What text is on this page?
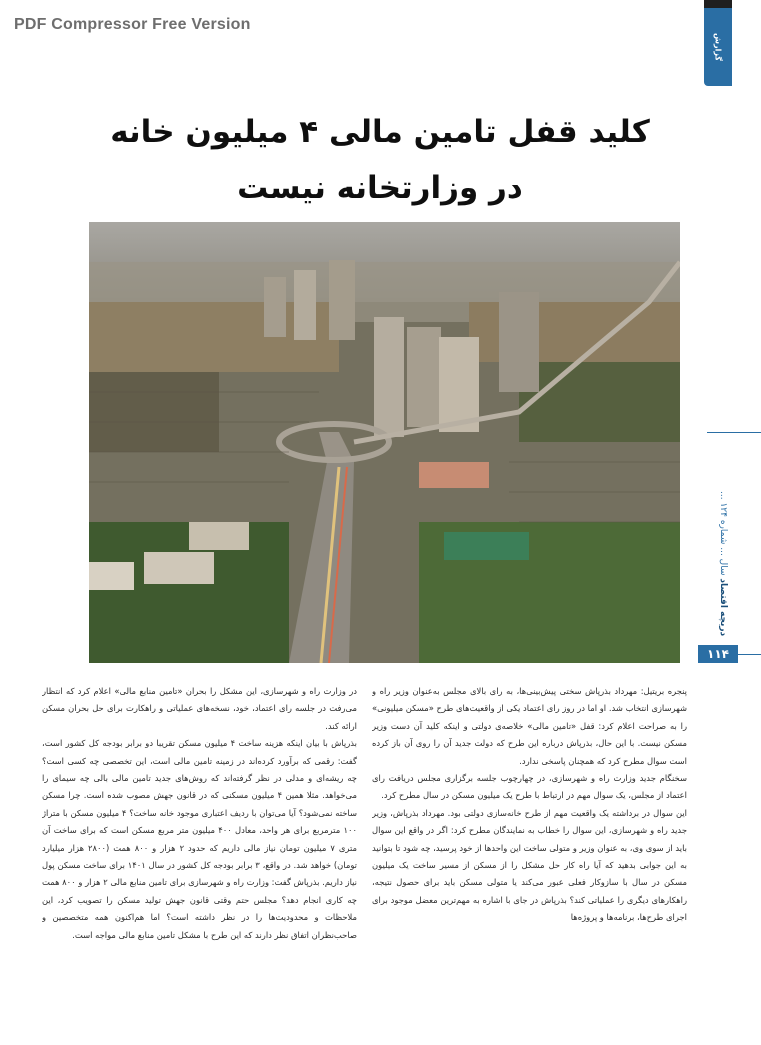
PDF Compressor Free Version
گزارش
کلید قفل تامین مالی ۴ میلیون خانه
در وزارتخانه نیست
دریچه اقتصاد سال ... شماره ۱۲۴ ...
۱۱۴

پنجره بریتیل: مهرداد بذرپاش سختی پیش‌بینی‌ها، به رای بالای مجلس به‌عنوان وزیر راه و شهرسازی انتخاب شد. او اما در روز رای اعتماد یکی از واقعیت‌های طرح «مسکن میلیونی» را به صراحت اعلام کرد: قفل «تامین مالی» خلاصه‌ی دولتی و اینکه کلید آن دست وزیر مسکن نیست. با این حال، بذرپاش درباره این طرح که دولت جدید آن را روی آن باز کرده است سوال مطرح کرد که همچنان پاسخی ندارد.

سخنگام جدید وزارت راه و شهرسازی، در چهارچوب جلسه برگزاری مجلس دریافت رای اعتماد از مجلس، یک سوال مهم در ارتباط با طرح یک میلیون مسکن در سال مطرح کرد.

این سوال در برداشته یک واقعیت مهم از طرح خانه‌سازی دولتی بود. مهرداد بذرپاش، وزیر جدید راه و شهرسازی، این سوال را خطاب به نمایندگان مطرح کرد: اگر در واقع این سوال باید از سوی وی، به عنوان وزیر و متولی ساخت این واحدها از خود پرسید، چه شود تا بتوانید به این جوابی بدهید که آیا راه کار حل مشکل را از مسکن از مسیر ساخت یک میلیون مسکن در سال با سازوکار فعلی عبور می‌کند یا متولی مسکن باید برای حصول نتیجه، راهکارهای دیگری را عملیاتی کند؟ بذرپاش در جای با اشاره به مهم‌ترین معضل موجود برای اجرای طرح‌ها، برنامه‌ها و پروژه‌ها

در وزارت راه و شهرسازی، این مشکل را بحران «تامین منابع مالی» اعلام کرد که انتظار می‌رفت در جلسه رای اعتماد، خود، نسخه‌های عملیاتی و راهکارت برای حل بحران مسکن ارائه کند.

بذرپاش با بیان اینکه هزینه ساخت ۴ میلیون مسکن تقریبا دو برابر بودجه کل کشور است، گفت: رقمی که برآورد کرده‌اند در زمینه تامین مالی است، این تخصصی چه کسی است؟ چه ریشه‌ای و مدلی در نظر گرفته‌اند که روش‌های جدید تامین مالی بالی چه سیمای را می‌خواهد. مثلا همین ۴ میلیون مسکنی که در قانون جهش مصوب شده است. چرا مسکن ساخته نمی‌شود؟ آیا می‌توان با ردیف اعتباری موجود خانه ساخت؟ ۴ میلیون مسکن با متراژ ۱۰۰ مترمربع برای هر واحد، معادل ۴۰۰ میلیون متر مربع مسکن است که برای ساخت آن متری ۷ میلیون تومان نیاز مالی داریم که حدود ۲ هزار و ۸۰۰ همت (۲۸۰۰ هزار میلیارد تومان) خواهد شد. در واقع، ۳ برابر بودجه کل کشور در سال ۱۴۰۱ برای ساخت مسکن پول نیاز داریم. بذرپاش گفت: وزارت راه و شهرسازی برای تامین منابع مالی ۲ هزار و ۸۰۰ همت چه کاری انجام دهد؟ مجلس حتم وقتی قانون جهش تولید مسکن را تصویب کرد، این ملاحظات و محدودیت‌ها را در نظر داشته است؟ اما هم‌اکنون همه متخصصین و صاحب‌نظران اتفاق نظر دارند که این طرح با مشکل تامین منابع مالی مواجه است.
